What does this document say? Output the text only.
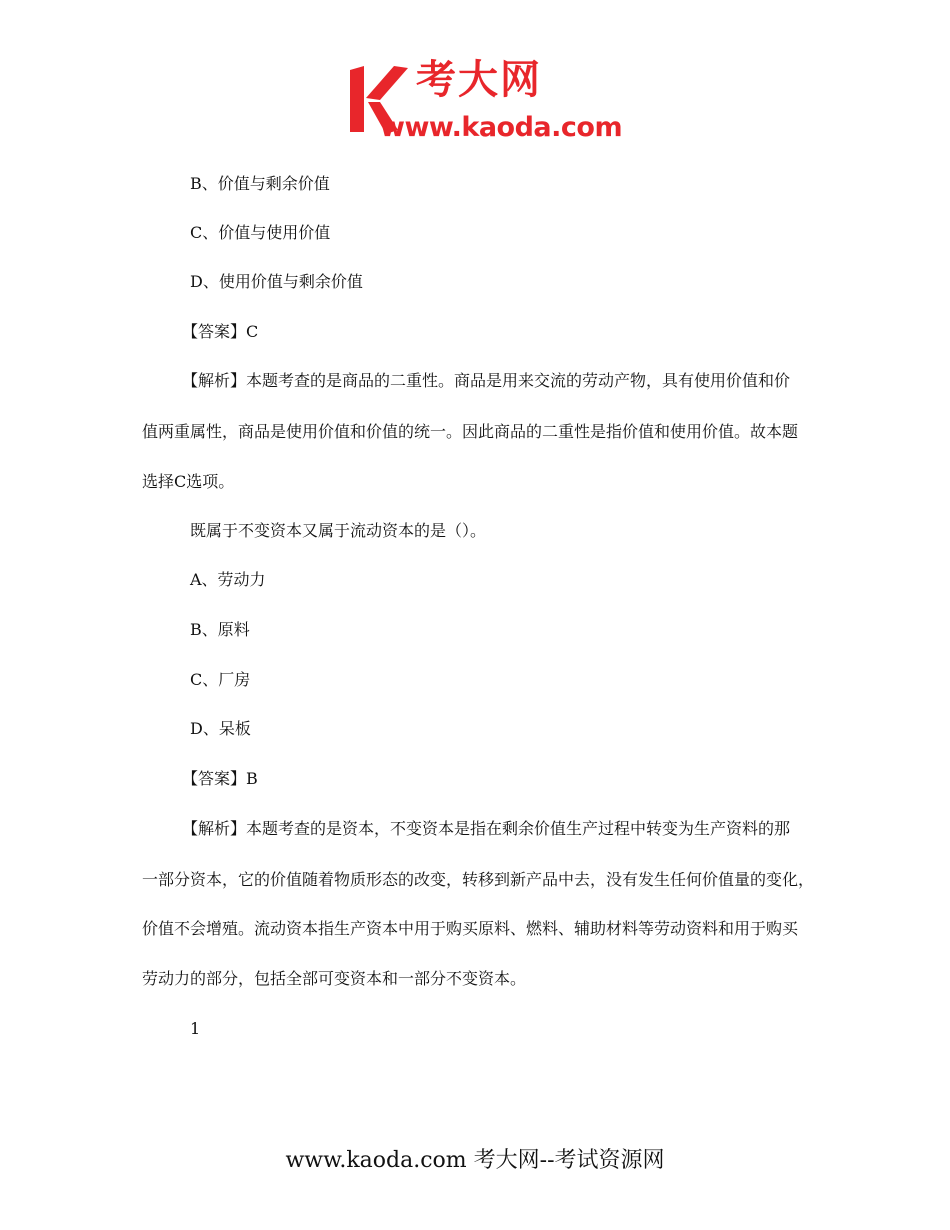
考大网
www.kaoda.com
B、价值与剩余价值
C、价值与使用价值
D、使用价值与剩余价值
【答案】C
【解析】本题考查的是商品的二重性。商品是用来交流的劳动产物，具有使用价值和价
值两重属性，商品是使用价值和价值的统一。因此商品的二重性是指价值和使用价值。故本题
选择C选项。
既属于不变资本又属于流动资本的是（）。
A、劳动力
B、原料
C、厂房
D、呆板
【答案】B
【解析】本题考查的是资本，不变资本是指在剩余价值生产过程中转变为生产资料的那
一部分资本，它的价值随着物质形态的改变，转移到新产品中去，没有发生任何价值量的变化，
价值不会增殖。流动资本指生产资本中用于购买原料、燃料、辅助材料等劳动资料和用于购买
劳动力的部分，包括全部可变资本和一部分不变资本。
1
www.kaoda.com 考大网--考试资源网
